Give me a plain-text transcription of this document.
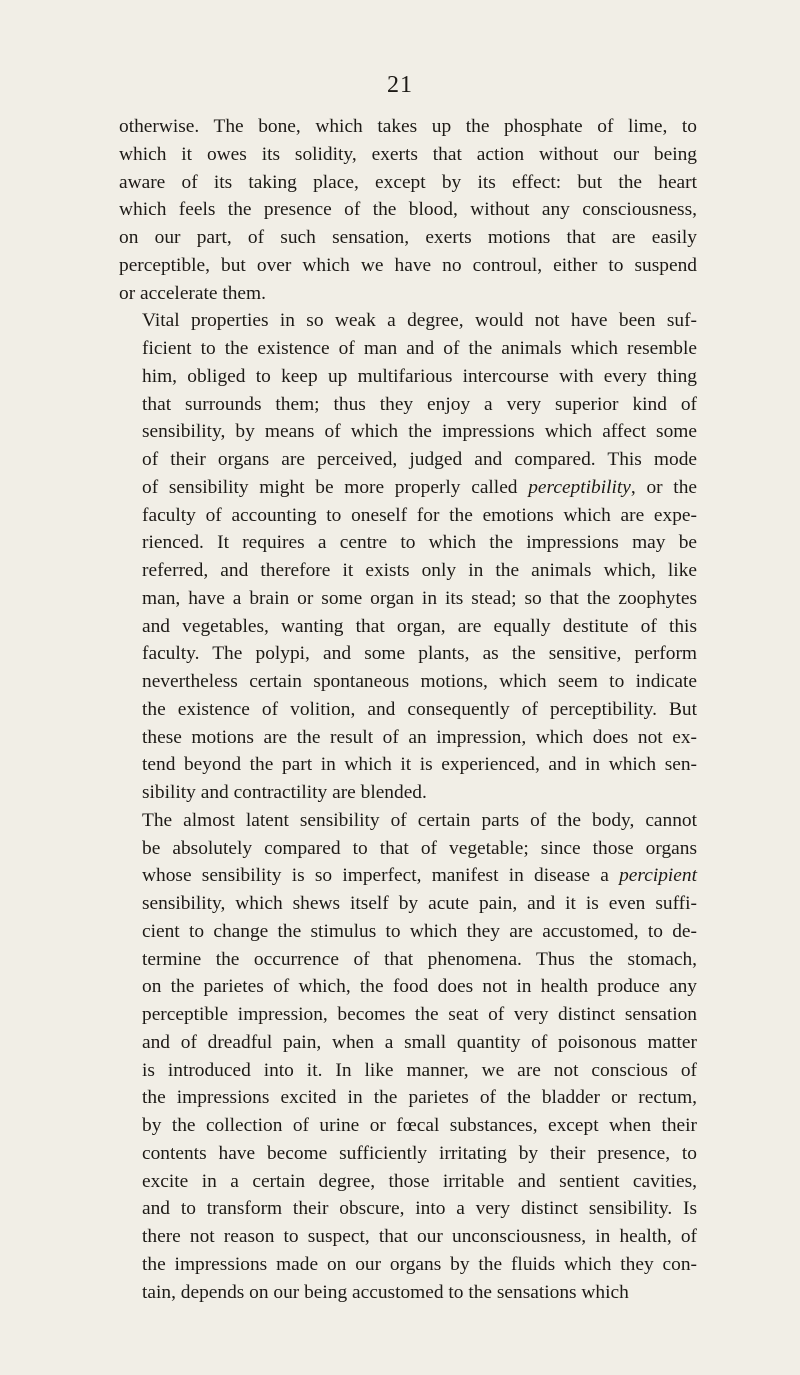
21
otherwise. The bone, which takes up the phosphate of lime, to
which it owes its solidity, exerts that action without our being
aware of its taking place, except by its effect: but the heart
which feels the presence of the blood, without any consciousness,
on our part, of such sensation, exerts motions that are easily
perceptible, but over which we have no controul, either to suspend
or accelerate them.
Vital properties in so weak a degree, would not have been suf-
ficient to the existence of man and of the animals which resemble
him, obliged to keep up multifarious intercourse with every thing
that surrounds them; thus they enjoy a very superior kind of
sensibility, by means of which the impressions which affect some
of their organs are perceived, judged and compared. This mode
of sensibility might be more properly called perceptibility, or the
faculty of accounting to oneself for the emotions which are expe-
rienced. It requires a centre to which the impressions may be
referred, and therefore it exists only in the animals which, like
man, have a brain or some organ in its stead; so that the zoophytes
and vegetables, wanting that organ, are equally destitute of this
faculty. The polypi, and some plants, as the sensitive, perform
nevertheless certain spontaneous motions, which seem to indicate
the existence of volition, and consequently of perceptibility. But
these motions are the result of an impression, which does not ex-
tend beyond the part in which it is experienced, and in which sen-
sibility and contractility are blended.
The almost latent sensibility of certain parts of the body, cannot
be absolutely compared to that of vegetable; since those organs
whose sensibility is so imperfect, manifest in disease a percipient
sensibility, which shews itself by acute pain, and it is even suffi-
cient to change the stimulus to which they are accustomed, to de-
termine the occurrence of that phenomena. Thus the stomach,
on the parietes of which, the food does not in health produce any
perceptible impression, becomes the seat of very distinct sensation
and of dreadful pain, when a small quantity of poisonous matter
is introduced into it. In like manner, we are not conscious of
the impressions excited in the parietes of the bladder or rectum,
by the collection of urine or fœcal substances, except when their
contents have become sufficiently irritating by their presence, to
excite in a certain degree, those irritable and sentient cavities,
and to transform their obscure, into a very distinct sensibility. Is
there not reason to suspect, that our unconsciousness, in health, of
the impressions made on our organs by the fluids which they con-
tain, depends on our being accustomed to the sensations which
